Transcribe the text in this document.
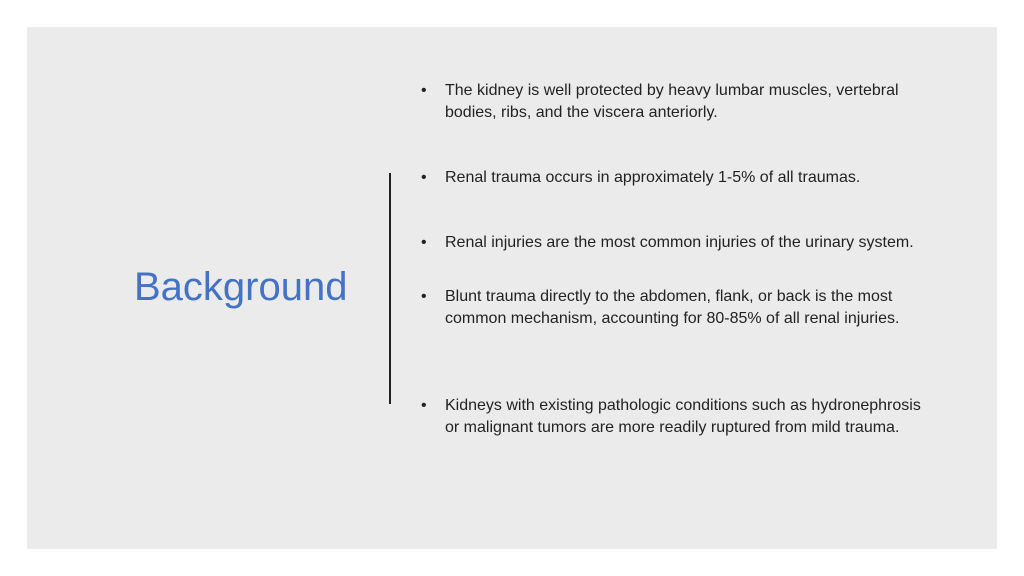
Background
•	The kidney is well protected by heavy lumbar muscles, vertebral bodies, ribs, and the viscera anteriorly.
•	Renal trauma occurs in approximately 1-5% of all traumas.
•	Renal injuries are the most common injuries of the urinary system.
•	Blunt trauma directly to the abdomen, flank, or back is the most common mechanism, accounting for 80-85% of all renal injuries.
•	Kidneys with existing pathologic conditions such as hydronephrosis or malignant tumors are more readily ruptured from mild trauma.
